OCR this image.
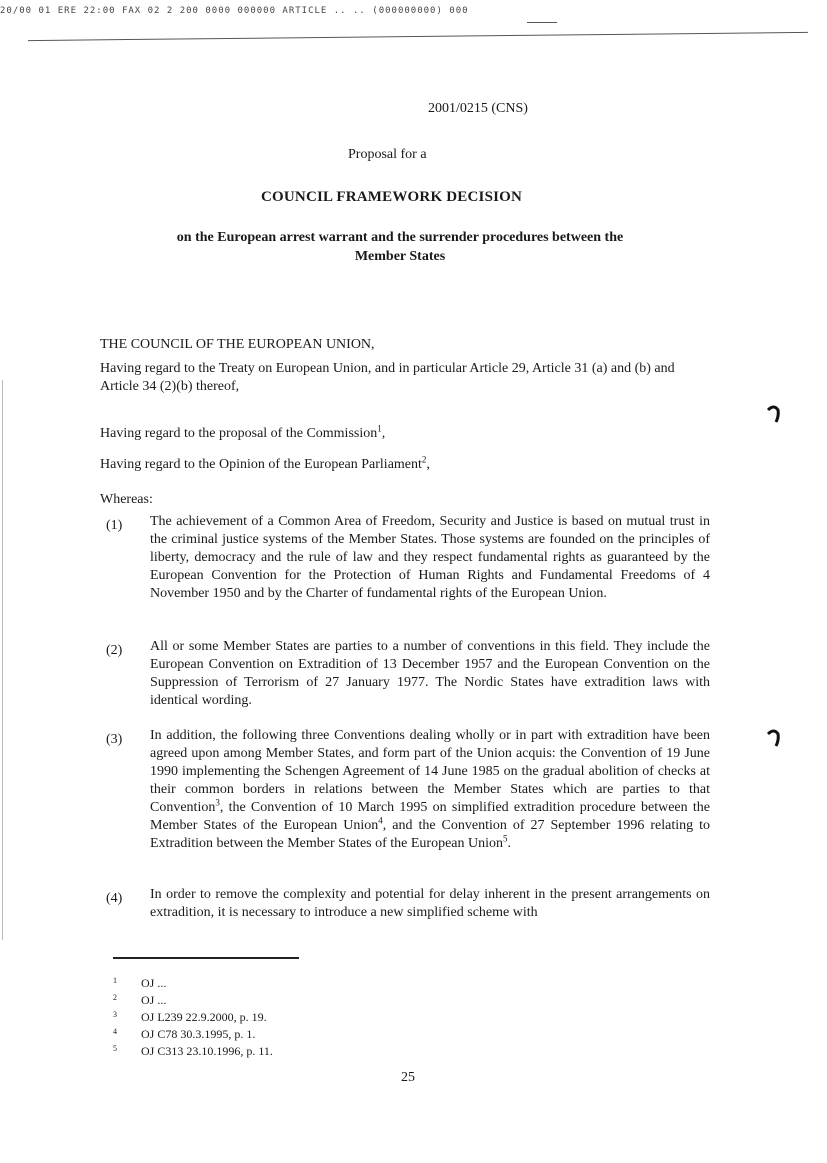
20/00 01 ERE 22:00 FAX 02 2 200 0000 000000 ARTICLE .. .. (000000000) 000
2001/0215 (CNS)
Proposal for a
COUNCIL FRAMEWORK DECISION
on the European arrest warrant and the surrender procedures between the Member States
THE COUNCIL OF THE EUROPEAN UNION,
Having regard to the Treaty on European Union, and in particular Article 29, Article 31 (a) and (b) and Article 34 (2)(b) thereof,
Having regard to the proposal of the Commission$^1$,
Having regard to the Opinion of the European Parliament$^2$,
Whereas:
(1) The achievement of a Common Area of Freedom, Security and Justice is based on mutual trust in the criminal justice systems of the Member States. Those systems are founded on the principles of liberty, democracy and the rule of law and they respect fundamental rights as guaranteed by the European Convention for the Protection of Human Rights and Fundamental Freedoms of 4 November 1950 and by the Charter of fundamental rights of the European Union.
(2) All or some Member States are parties to a number of conventions in this field. They include the European Convention on Extradition of 13 December 1957 and the European Convention on the Suppression of Terrorism of 27 January 1977. The Nordic States have extradition laws with identical wording.
(3) In addition, the following three Conventions dealing wholly or in part with extradition have been agreed upon among Member States, and form part of the Union acquis: the Convention of 19 June 1990 implementing the Schengen Agreement of 14 June 1985 on the gradual abolition of checks at their common borders in relations between the Member States which are parties to that Convention$^3$, the Convention of 10 March 1995 on simplified extradition procedure between the Member States of the European Union$^4$, and the Convention of 27 September 1996 relating to Extradition between the Member States of the European Union$^5$.
(4) In order to remove the complexity and potential for delay inherent in the present arrangements on extradition, it is necessary to introduce a new simplified scheme with
1 OJ ...
2 OJ ...
3 OJ L239 22.9.2000, p. 19.
4 OJ C78 30.3.1995, p. 1.
5 OJ C313 23.10.1996, p. 11.
25
